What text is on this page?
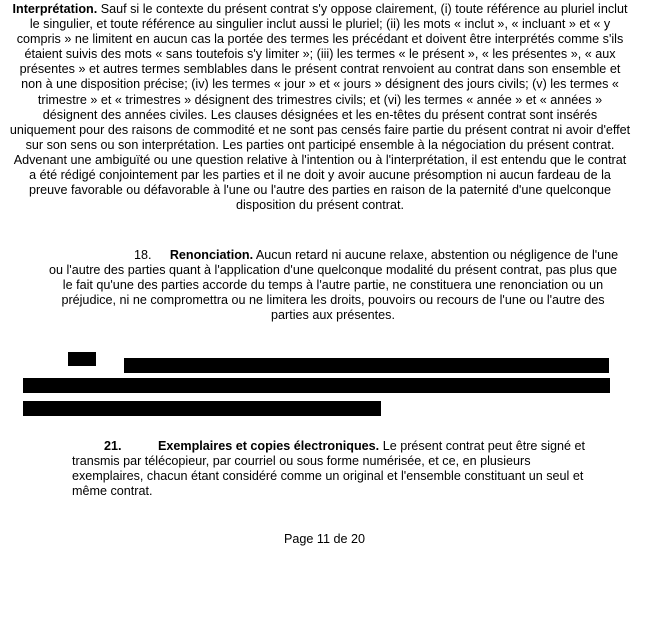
Interprétation. Sauf si le contexte du présent contrat s'y oppose clairement, (i) toute référence au pluriel inclut le singulier, et toute référence au singulier inclut aussi le pluriel; (ii) les mots « inclut », « incluant » et « y compris » ne limitent en aucun cas la portée des termes les précédant et doivent être interprétés comme s'ils étaient suivis des mots « sans toutefois s'y limiter »; (iii) les termes « le présent », « les présentes », « aux présentes » et autres termes semblables dans le présent contrat renvoient au contrat dans son ensemble et non à une disposition précise; (iv) les termes « jour » et « jours » désignent des jours civils; (v) les termes « trimestre » et « trimestres » désignent des trimestres civils; et (vi) les termes « année » et « années » désignent des années civiles. Les clauses désignées et les en-têtes du présent contrat sont insérés uniquement pour des raisons de commodité et ne sont pas censés faire partie du présent contrat ni avoir d'effet sur son sens ou son interprétation. Les parties ont participé ensemble à la négociation du présent contrat. Advenant une ambiguïté ou une question relative à l'intention ou à l'interprétation, il est entendu que le contrat a été rédigé conjointement par les parties et il ne doit y avoir aucune présomption ni aucun fardeau de la preuve favorable ou défavorable à l'une ou l'autre des parties en raison de la paternité d'une quelconque disposition du présent contrat.

18. Renonciation. Aucun retard ni aucune relaxe, abstention ou négligence de l'une ou l'autre des parties quant à l'application d'une quelconque modalité du présent contrat, pas plus que le fait qu'une des parties accorde du temps à l'autre partie, ne constituera une renonciation ou un préjudice, ni ne compromettra ou ne limitera les droits, pouvoirs ou recours de l'une ou l'autre des parties aux présentes.

21.	Exemplaires et copies électroniques. Le présent contrat peut être signé et transmis par télécopieur, par courriel ou sous forme numérisée, et ce, en plusieurs exemplaires, chacun étant considéré comme un original et l'ensemble constituant un seul et même contrat.

Page 11 de 20
